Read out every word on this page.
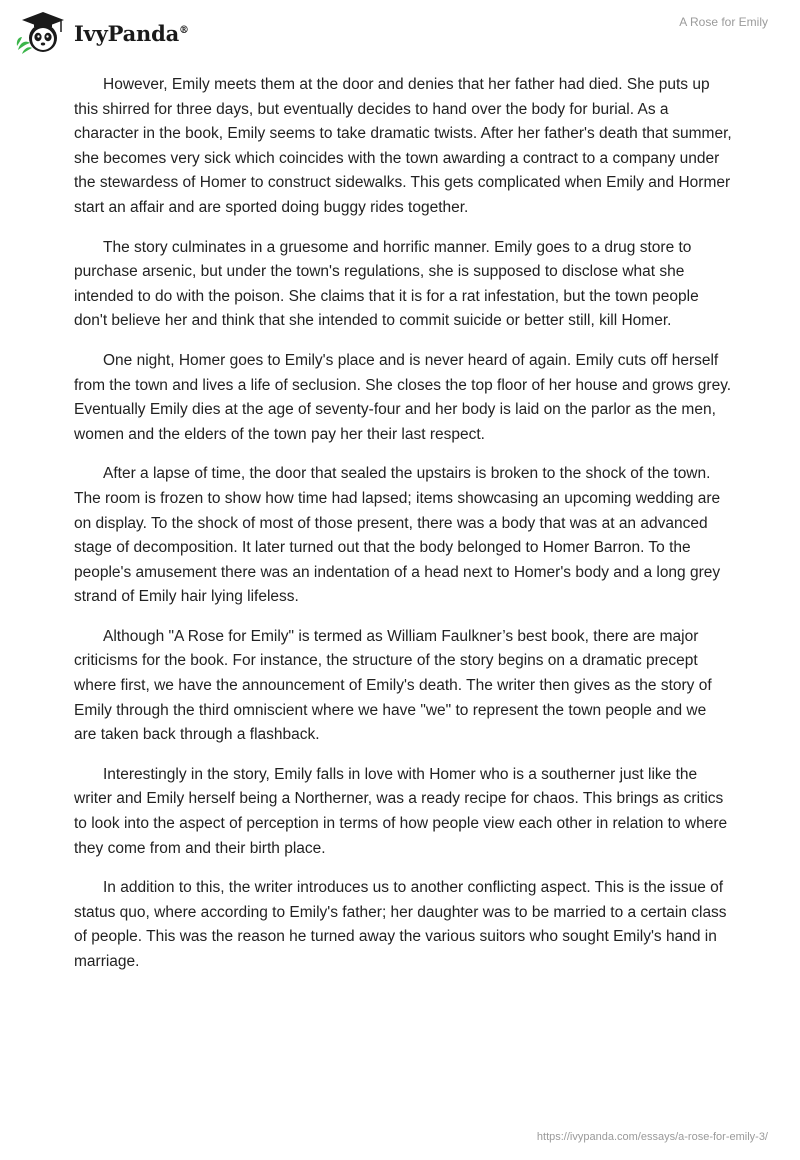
IvyPanda®
A Rose for Emily

However, Emily meets them at the door and denies that her father had died. She puts up this shirred for three days, but eventually decides to hand over the body for burial. As a character in the book, Emily seems to take dramatic twists. After her father's death that summer, she becomes very sick which coincides with the town awarding a contract to a company under the stewardess of Homer to construct sidewalks. This gets complicated when Emily and Hormer start an affair and are sported doing buggy rides together.

The story culminates in a gruesome and horrific manner. Emily goes to a drug store to purchase arsenic, but under the town's regulations, she is supposed to disclose what she intended to do with the poison. She claims that it is for a rat infestation, but the town people don't believe her and think that she intended to commit suicide or better still, kill Homer.

One night, Homer goes to Emily's place and is never heard of again. Emily cuts off herself from the town and lives a life of seclusion. She closes the top floor of her house and grows grey. Eventually Emily dies at the age of seventy-four and her body is laid on the parlor as the men, women and the elders of the town pay her their last respect.

After a lapse of time, the door that sealed the upstairs is broken to the shock of the town. The room is frozen to show how time had lapsed; items showcasing an upcoming wedding are on display. To the shock of most of those present, there was a body that was at an advanced stage of decomposition. It later turned out that the body belonged to Homer Barron. To the people's amusement there was an indentation of a head next to Homer's body and a long grey strand of Emily hair lying lifeless.

Although "A Rose for Emily" is termed as William Faulkner’s best book, there are major criticisms for the book. For instance, the structure of the story begins on a dramatic precept where first, we have the announcement of Emily's death. The writer then gives as the story of Emily through the third omniscient where we have "we" to represent the town people and we are taken back through a flashback.

Interestingly in the story, Emily falls in love with Homer who is a southerner just like the writer and Emily herself being a Northerner, was a ready recipe for chaos. This brings as critics to look into the aspect of perception in terms of how people view each other in relation to where they come from and their birth place.

In addition to this, the writer introduces us to another conflicting aspect. This is the issue of status quo, where according to Emily's father; her daughter was to be married to a certain class of people. This was the reason he turned away the various suitors who sought Emily's hand in marriage.

https://ivypanda.com/essays/a-rose-for-emily-3/
